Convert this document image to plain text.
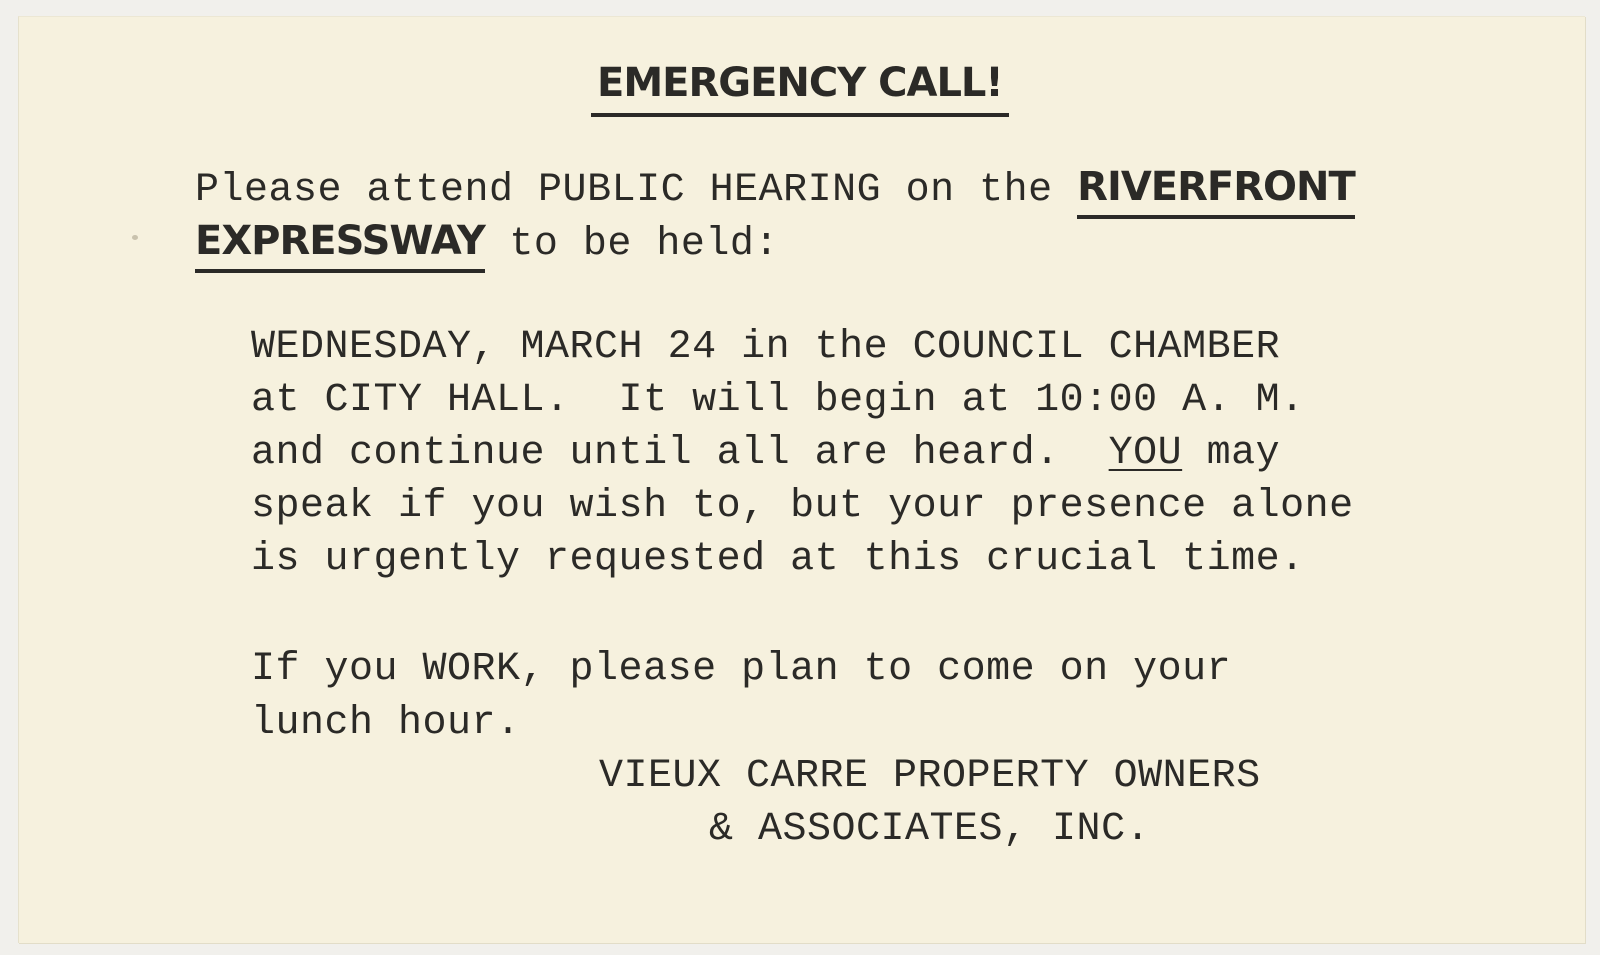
EMERGENCY CALL!
Please attend PUBLIC HEARING on the RIVERFRONT
EXPRESSWAY to be held:
WEDNESDAY, MARCH 24 in the COUNCIL CHAMBER
at CITY HALL.  It will begin at 10:00 A. M.
and continue until all are heard.  YOU may
speak if you wish to, but your presence alone
is urgently requested at this crucial time.
If you WORK, please plan to come on your
lunch hour.
VIEUX CARRE PROPERTY OWNERS
& ASSOCIATES, INC.
